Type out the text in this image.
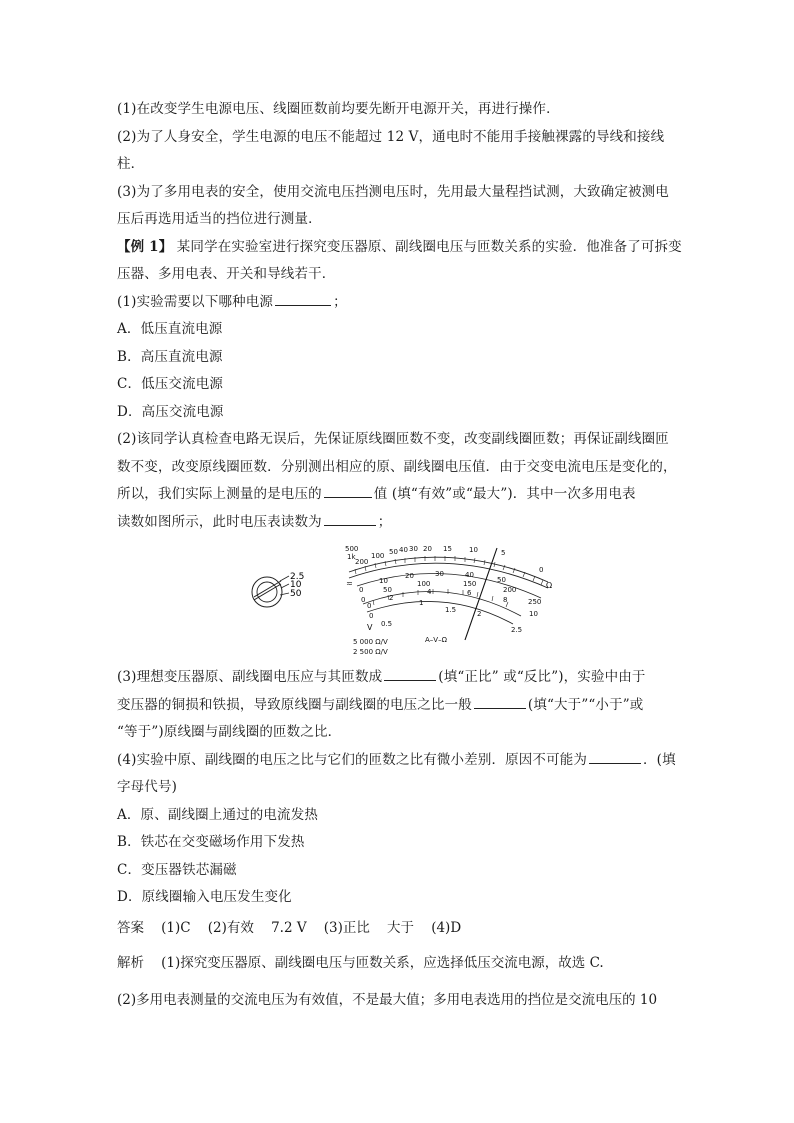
(1)在改变学生电源电压、线圈匝数前均要先断开电源开关，再进行操作．
(2)为了人身安全，学生电源的电压不能超过 12 V，通电时不能用手接触裸露的导线和接线
柱．
(3)为了多用电表的安全，使用交流电压挡测电压时，先用最大量程挡试测，大致确定被测电
压后再选用适当的挡位进行测量．
【例 1】 某同学在实验室进行探究变压器原、副线圈电压与匝数关系的实验．他准备了可拆变
压器、多用电表、开关和导线若干．
(1)实验需要以下哪种电源	；
A．低压直流电源
B．高压直流电源
C．低压交流电源
D．高压交流电源
(2)该同学认真检查电路无误后，先保证原线圈匝数不变，改变副线圈匝数；再保证副线圈匝
数不变，改变原线圈匝数．分别测出相应的原、副线圈电压值．由于交变电流电压是变化的，
所以，我们实际上测量的是电压的	值 (填“有效”或“最大”)．其中一次多用电表
读数如图所示，此时电压表读数为	；
2.5
10
50
500
1k
200
100 50 40 30 20 15 10	5
0
Ω
≂
0
10
20	30	40
50
0
50
100	150
200
250
0
2
4	6
8
10
0
0.5
1
1.5	2
2.5
V
5 000 Ω/V
2 500 Ω/V
A–V–Ω
(3)理想变压器原、副线圈电压应与其匝数成	(填“正比” 或“反比”)，实验中由于
变压器的铜损和铁损，导致原线圈与副线圈的电压之比一般	(填“大于”“小于”或
“等于”)原线圈与副线圈的匝数之比．
(4)实验中原、副线圈的电压之比与它们的匝数之比有微小差别．原因不可能为	．(填
字母代号)
A．原、副线圈上通过的电流发热
B．铁芯在交变磁场作用下发热
C．变压器铁芯漏磁
D．原线圈输入电压发生变化
答案    (1)C    (2)有效    7.2 V    (3)正比    大于    (4)D
解析    (1)探究变压器原、副线圈电压与匝数关系，应选择低压交流电源，故选 C.
(2)多用电表测量的交流电压为有效值，不是最大值；多用电表选用的挡位是交流电压的 10
